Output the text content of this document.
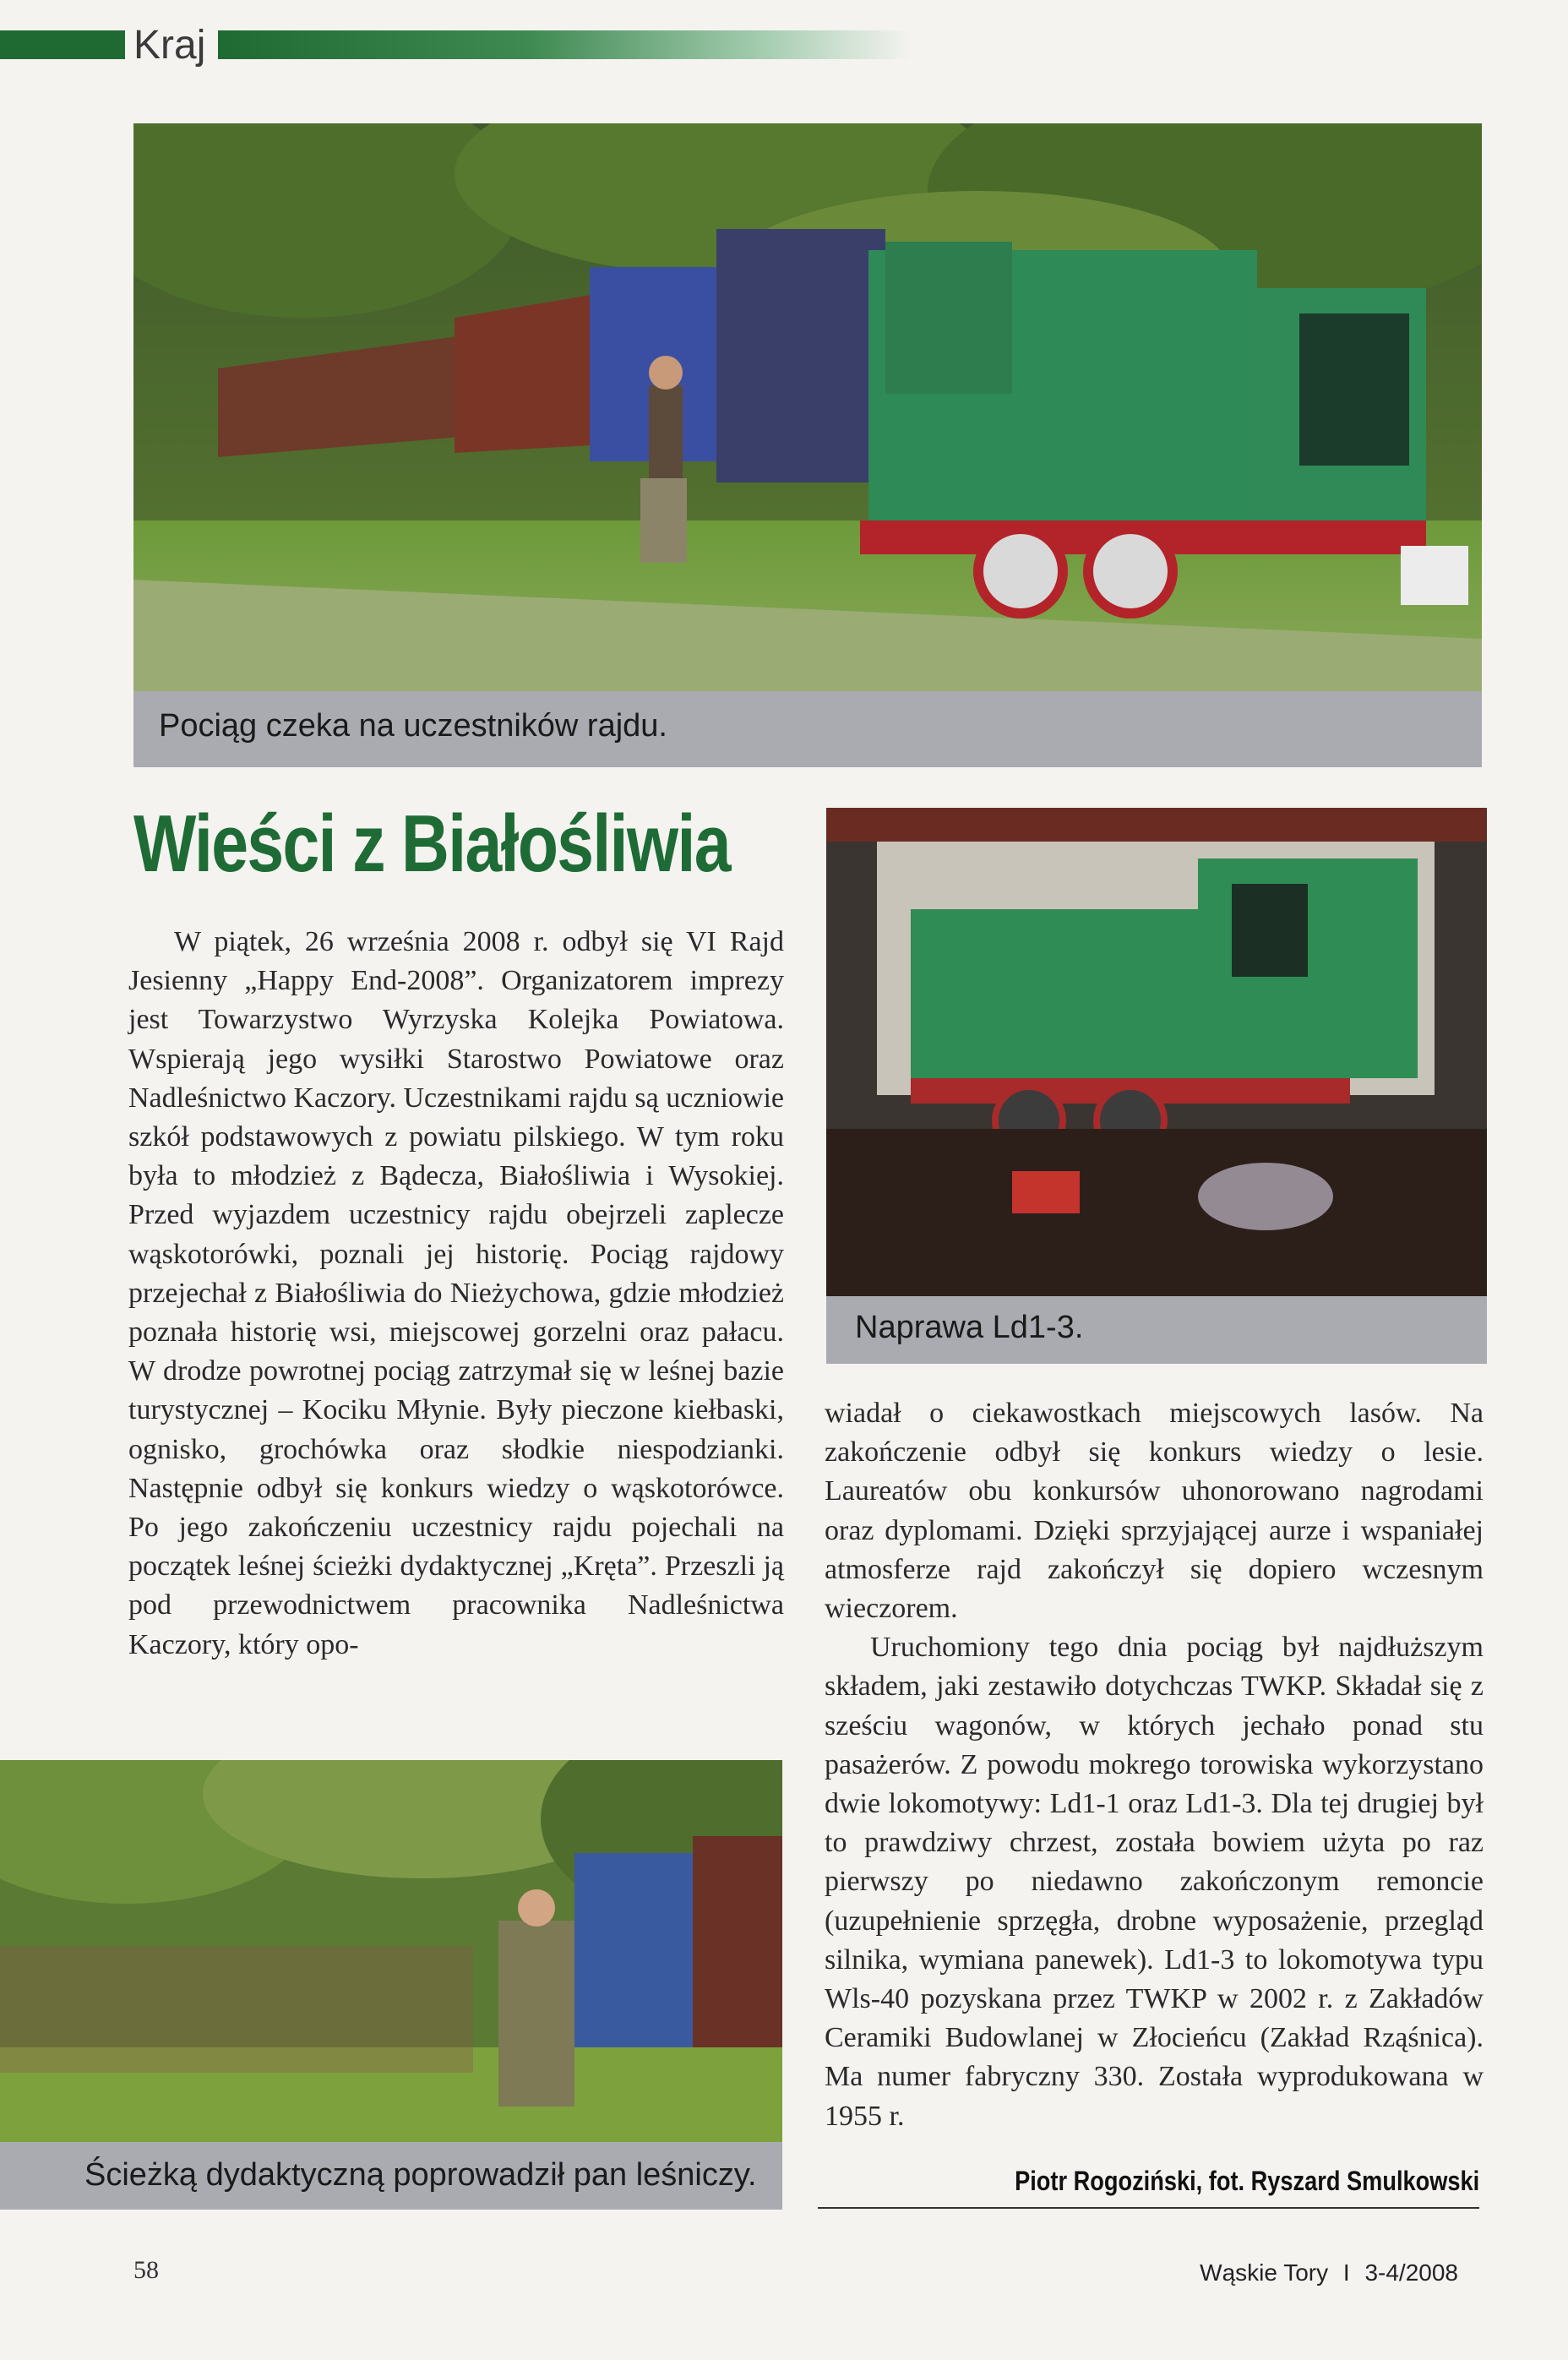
Kraj
Pociąg czeka na uczestników rajdu.
Wieści z Białośliwia
Naprawa Ld1-3.

W piątek, 26 września 2008 r. odbył się VI Rajd Jesienny „Happy End-2008”. Organizatorem imprezy jest Towarzystwo Wyrzyska Kolejka Powiatowa. Wspierają jego wysiłki Starostwo Powiatowe oraz Nadleśnictwo Kaczory. Uczestnikami rajdu są uczniowie szkół podstawowych z powiatu pilskiego. W tym roku była to młodzież z Bądecza, Białośliwia i Wysokiej. Przed wyjazdem uczestnicy rajdu obejrzeli zaplecze wąskotorówki, poznali jej historię. Pociąg rajdowy przejechał z Białośliwia do Nieżychowa, gdzie młodzież poznała historię wsi, miejscowej gorzelni oraz pałacu. W drodze powrotnej pociąg zatrzymał się w leśnej bazie turystycznej – Kociku Młynie. Były pieczone kiełbaski, ognisko, grochówka oraz słodkie niespodzianki. Następnie odbył się konkurs wiedzy o wąskotorówce. Po jego zakończeniu uczestnicy rajdu pojechali na początek leśnej ścieżki dydaktycznej „Kręta”. Przeszli ją pod przewodnictwem pracownika Nadleśnictwa Kaczory, który opo-

wiadał o ciekawostkach miejscowych lasów. Na zakończenie odbył się konkurs wiedzy o lesie. Laureatów obu konkursów uhonorowano nagrodami oraz dyplomami. Dzięki sprzyjającej aurze i wspaniałej atmosferze rajd zakończył się dopiero wczesnym wieczorem.

Uruchomiony tego dnia pociąg był najdłuższym składem, jaki zestawiło dotychczas TWKP. Składał się z sześciu wagonów, w których jechało ponad stu pasażerów. Z powodu mokrego torowiska wykorzystano dwie lokomotywy: Ld1-1 oraz Ld1-3. Dla tej drugiej był to prawdziwy chrzest, została bowiem użyta po raz pierwszy po niedawno zakończonym remoncie (uzupełnienie sprzęgła, drobne wyposażenie, przegląd silnika, wymiana panewek). Ld1-3 to lokomotywa typu Wls-40 pozyskana przez TWKP w 2002 r. z Zakładów Ceramiki Budowlanej w Złocieńcu (Zakład Rząśnica). Ma numer fabryczny 330. Została wyprodukowana w 1955 r.

Ścieżką dydaktyczną poprowadził pan leśniczy.	Piotr Rogoziński, fot. Ryszard Smulkowski
58	Wąskie Tory I 3-4/2008
